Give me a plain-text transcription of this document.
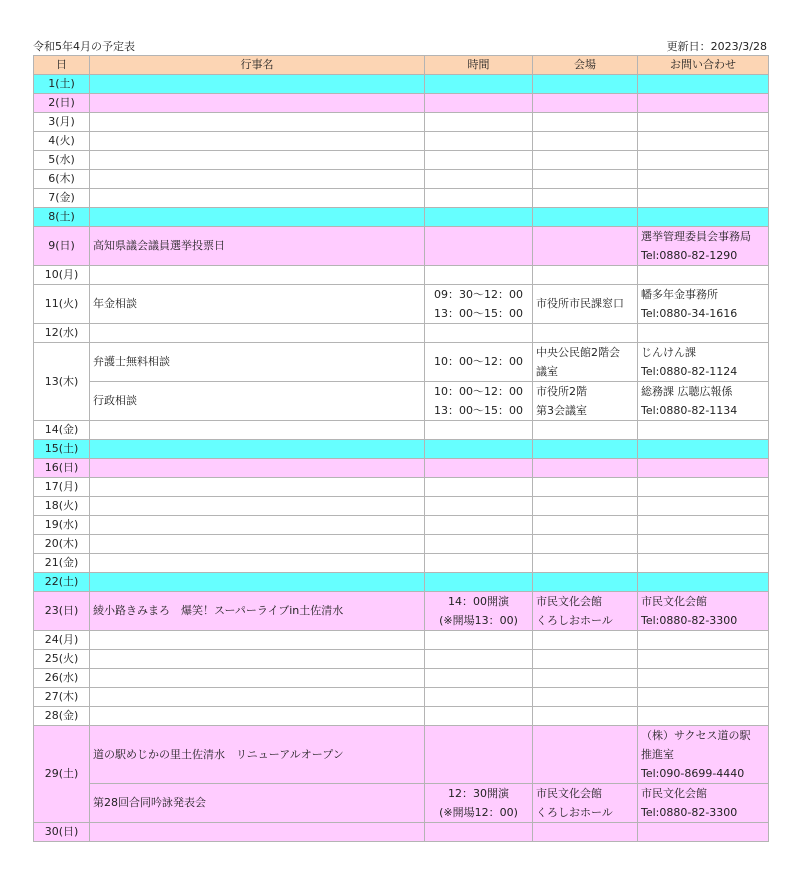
令和5年4月の予定表	更新日：2023/3/28
日	行事名	時間	会場	お問い合わせ
1(土)				
2(日)				
3(月)				
4(火)				
5(水)				
6(木)				
7(金)				
8(土)				
9(日)	高知県議会議員選挙投票日			選挙管理委員会事務局
Tel:0880-82-1290

10(月)				
11(火)	年金相談	09：30～12：00
13：00～15：00	市役所市民課窓口	幡多年金事務所
Tel:0880-34-1616

12(水)				
13(木)	弁護士無料相談	10：00～12：00	中央公民館2階会
議室	じんけん課
Tel:0880-82-1124

	行政相談	10：00～12：00
13：00～15：00	市役所2階
第3会議室	総務課 広聴広報係
Tel:0880-82-1134

14(金)				
15(土)				
16(日)				
17(月)				
18(火)				
19(水)				
20(木)				
21(金)				
22(土)				
23(日)	綾小路きみまろ　爆笑！スーパーライブin土佐清水	14：00開演
(※開場13：00)	市民文化会館
くろしおホール	市民文化会館
Tel:0880-82-3300

24(月)				
25(火)				
26(水)				
27(木)				
28(金)				
29(土)	道の駅めじかの里土佐清水　リニューアルオープン			（株）サクセス道の駅
推進室
Tel:090-8699-4440

	第28回合同吟詠発表会	12：30開演
(※開場12：00)	市民文化会館
くろしおホール	市民文化会館
Tel:0880-82-3300

30(日)				
